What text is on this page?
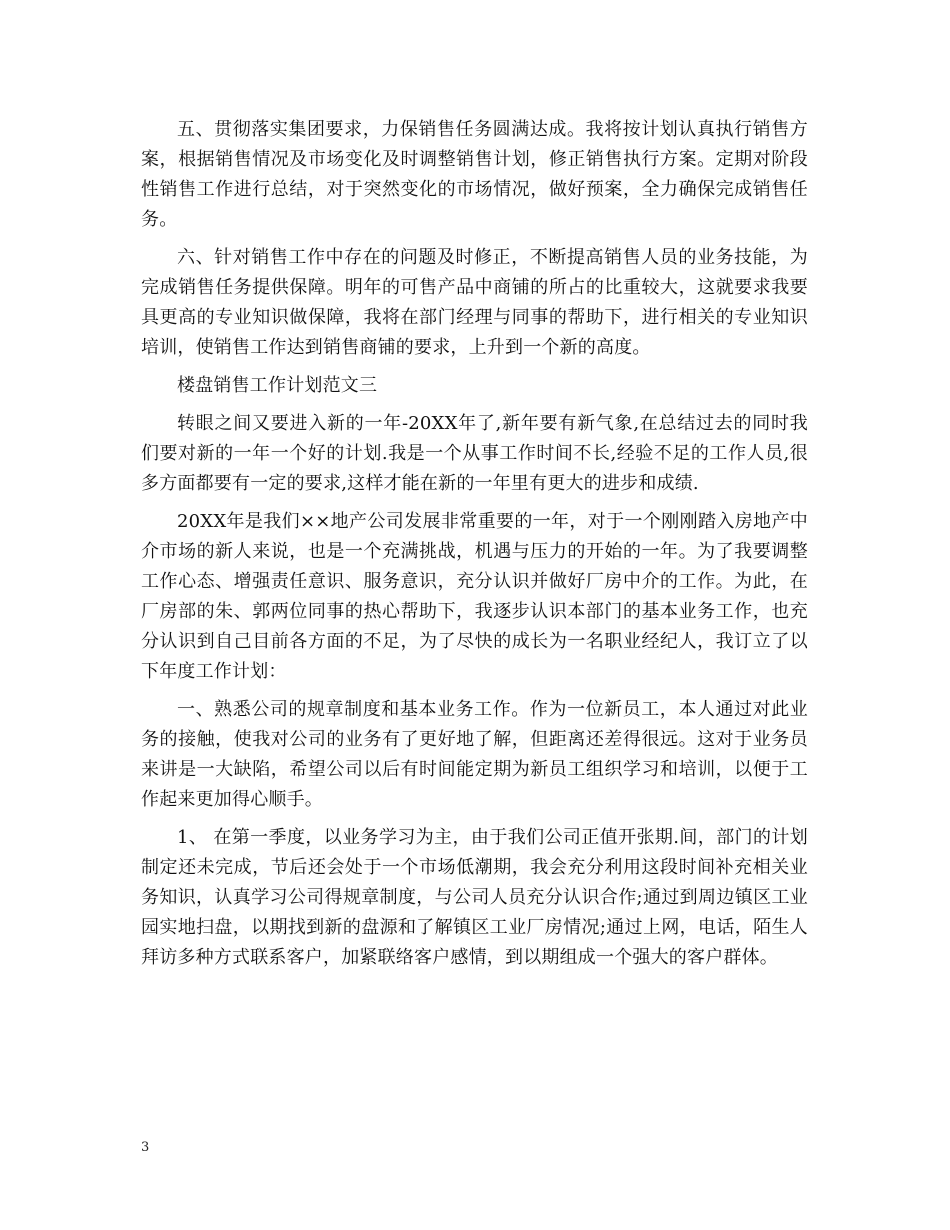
五、贯彻落实集团要求，力保销售任务圆满达成。我将按计划认真执行销售方案，根据销售情况及市场变化及时调整销售计划，修正销售执行方案。定期对阶段性销售工作进行总结，对于突然变化的市场情况，做好预案，全力确保完成销售任务。

六、针对销售工作中存在的问题及时修正，不断提高销售人员的业务技能，为完成销售任务提供保障。明年的可售产品中商铺的所占的比重较大，这就要求我要具更高的专业知识做保障，我将在部门经理与同事的帮助下，进行相关的专业知识培训，使销售工作达到销售商铺的要求，上升到一个新的高度。

楼盘销售工作计划范文三

转眼之间又要进入新的一年-20XX年了,新年要有新气象,在总结过去的同时我们要对新的一年一个好的计划.我是一个从事工作时间不长,经验不足的工作人员,很多方面都要有一定的要求,这样才能在新的一年里有更大的进步和成绩.

20XX年是我们××地产公司发展非常重要的一年，对于一个刚刚踏入房地产中介市场的新人来说，也是一个充满挑战，机遇与压力的开始的一年。为了我要调整工作心态、增强责任意识、服务意识，充分认识并做好厂房中介的工作。为此，在厂房部的朱、郭两位同事的热心帮助下，我逐步认识本部门的基本业务工作，也充分认识到自己目前各方面的不足，为了尽快的成长为一名职业经纪人，我订立了以下年度工作计划：

一、熟悉公司的规章制度和基本业务工作。作为一位新员工，本人通过对此业务的接触，使我对公司的业务有了更好地了解，但距离还差得很远。这对于业务员来讲是一大缺陷，希望公司以后有时间能定期为新员工组织学习和培训，以便于工作起来更加得心顺手。

1、 在第一季度，以业务学习为主，由于我们公司正值开张期.间，部门的计划制定还未完成，节后还会处于一个市场低潮期，我会充分利用这段时间补充相关业务知识，认真学习公司得规章制度，与公司人员充分认识合作;通过到周边镇区工业园实地扫盘，以期找到新的盘源和了解镇区工业厂房情况;通过上网，电话，陌生人拜访多种方式联系客户，加紧联络客户感情，到以期组成一个强大的客户群体。

3
